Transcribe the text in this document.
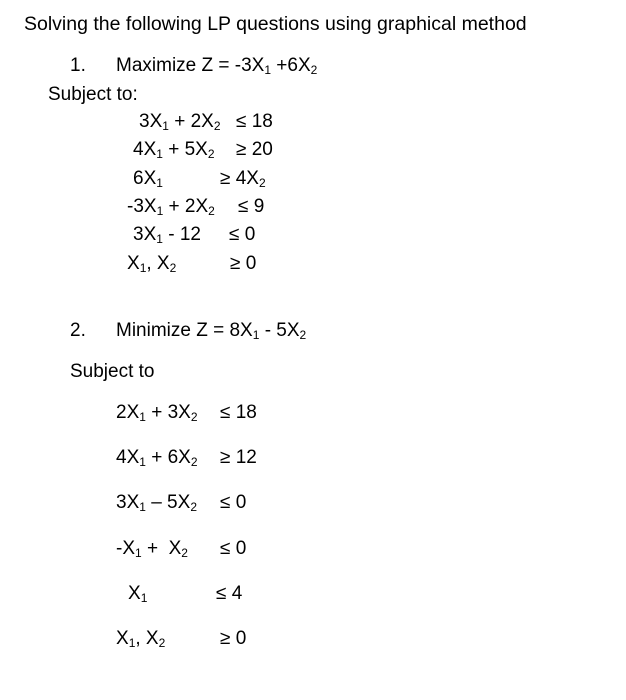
Solving the following LP questions using graphical method
1. Maximize $Z = -3X_1 +6X_2$
Subject to:
$3X_1 + 2X_2 \le 18$
$4X_1 + 5X_2 \ge 20$
$6X_1$	≥ $4X_2$
$-3X_1 + 2X_2 \le 9$
$3X_1 - 12 \le 0$
$X_1$, $X_2$	≥ 0
2. Minimize $Z = 8X_1 - 5X_2$
Subject to
$2X_1 + 3X_2 \le 18$
$4X_1 + 6X_2 \ge 12$
$3X_1 - 5X_2 \le 0$
$-X_1 + X_2 \le 0$
$X_1$	≤ 4
$X_1$, $X_2$	≥ 0
